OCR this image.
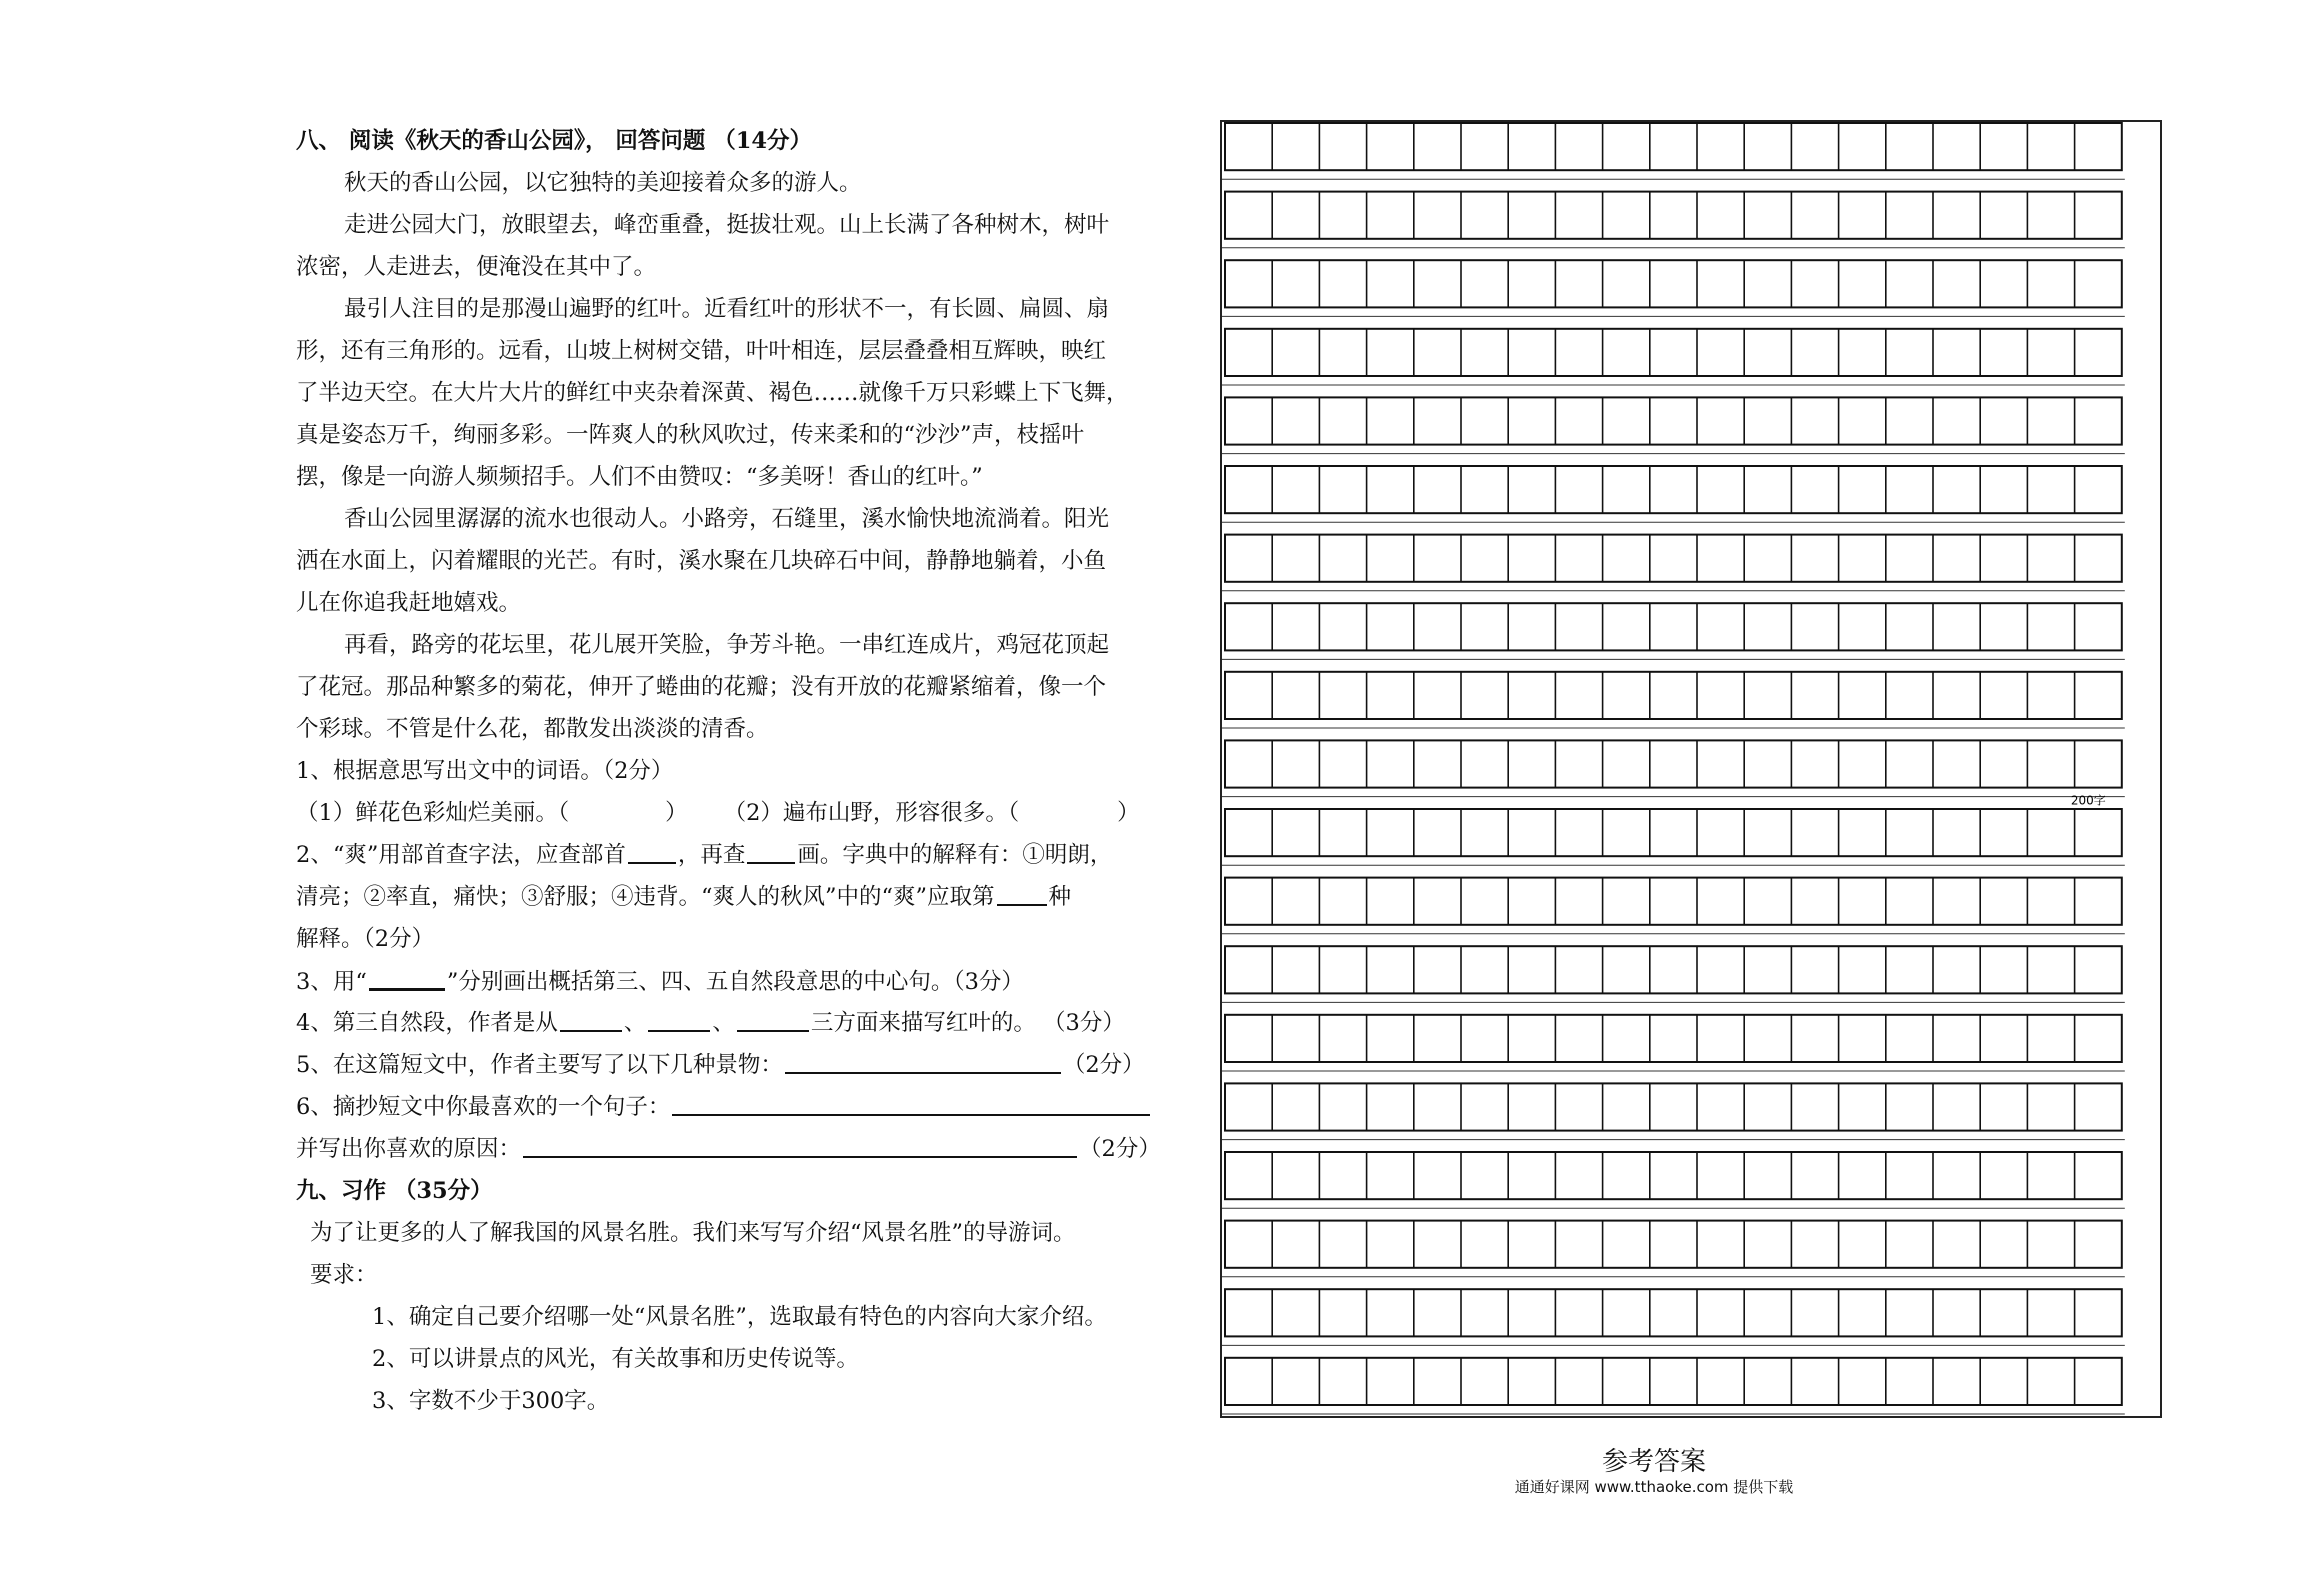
八、 阅读《秋天的香山公园》， 回答问题 （14分）
秋天的香山公园，以它独特的美迎接着众多的游人。
走进公园大门，放眼望去，峰峦重叠，挺拔壮观。山上长满了各种树木，树叶
浓密，人走进去，便淹没在其中了。
最引人注目的是那漫山遍野的红叶。近看红叶的形状不一，有长圆、扁圆、扇
形，还有三角形的。远看，山坡上树树交错，叶叶相连，层层叠叠相互辉映，映红
了半边天空。在大片大片的鲜红中夹杂着深黄、褐色……就像千万只彩蝶上下飞舞，
真是姿态万千，绚丽多彩。一阵爽人的秋风吹过，传来柔和的“沙沙”声，枝摇叶
摆，像是一向游人频频招手。人们不由赞叹：“多美呀！香山的红叶。”
香山公园里潺潺的流水也很动人。小路旁，石缝里，溪水愉快地流淌着。阳光
洒在水面上，闪着耀眼的光芒。有时，溪水聚在几块碎石中间，静静地躺着，小鱼
儿在你追我赶地嬉戏。
再看，路旁的花坛里，花儿展开笑脸，争芳斗艳。一串红连成片，鸡冠花顶起
了花冠。那品种繁多的菊花，伸开了蜷曲的花瓣；没有开放的花瓣紧缩着，像一个
个彩球。不管是什么花，都散发出淡淡的清香。
1、根据意思写出文中的词语。（2分）
（1）鲜花色彩灿烂美丽。（	） （2）遍布山野，形容很多。（	）
2、“爽”用部首查字法，应查部首 ，再查 画。字典中的解释有：①明朗，
清亮；②率直，痛快；③舒服；④违背。“爽人的秋风”中的“爽”应取第 种
解释。（2分）
3、用“	”分别画出概括第三、四、五自然段意思的中心句。（3分）
4、第三自然段，作者是从	、	、	三方面来描写红叶的。 （3分）
5、在这篇短文中，作者主要写了以下几种景物：	（2分）
6、摘抄短文中你最喜欢的一个句子：
并写出你喜欢的原因：	（2分）
九、习作 （35分）
为了让更多的人了解我国的风景名胜。我们来写写介绍“风景名胜”的导游词。
要求：
1、确定自己要介绍哪一处“风景名胜”，选取最有特色的内容向大家介绍。
2、可以讲景点的风光，有关故事和历史传说等。
3、字数不少于300字。
200字
参考答案
通通好课网 www.tthaoke.com 提供下载
